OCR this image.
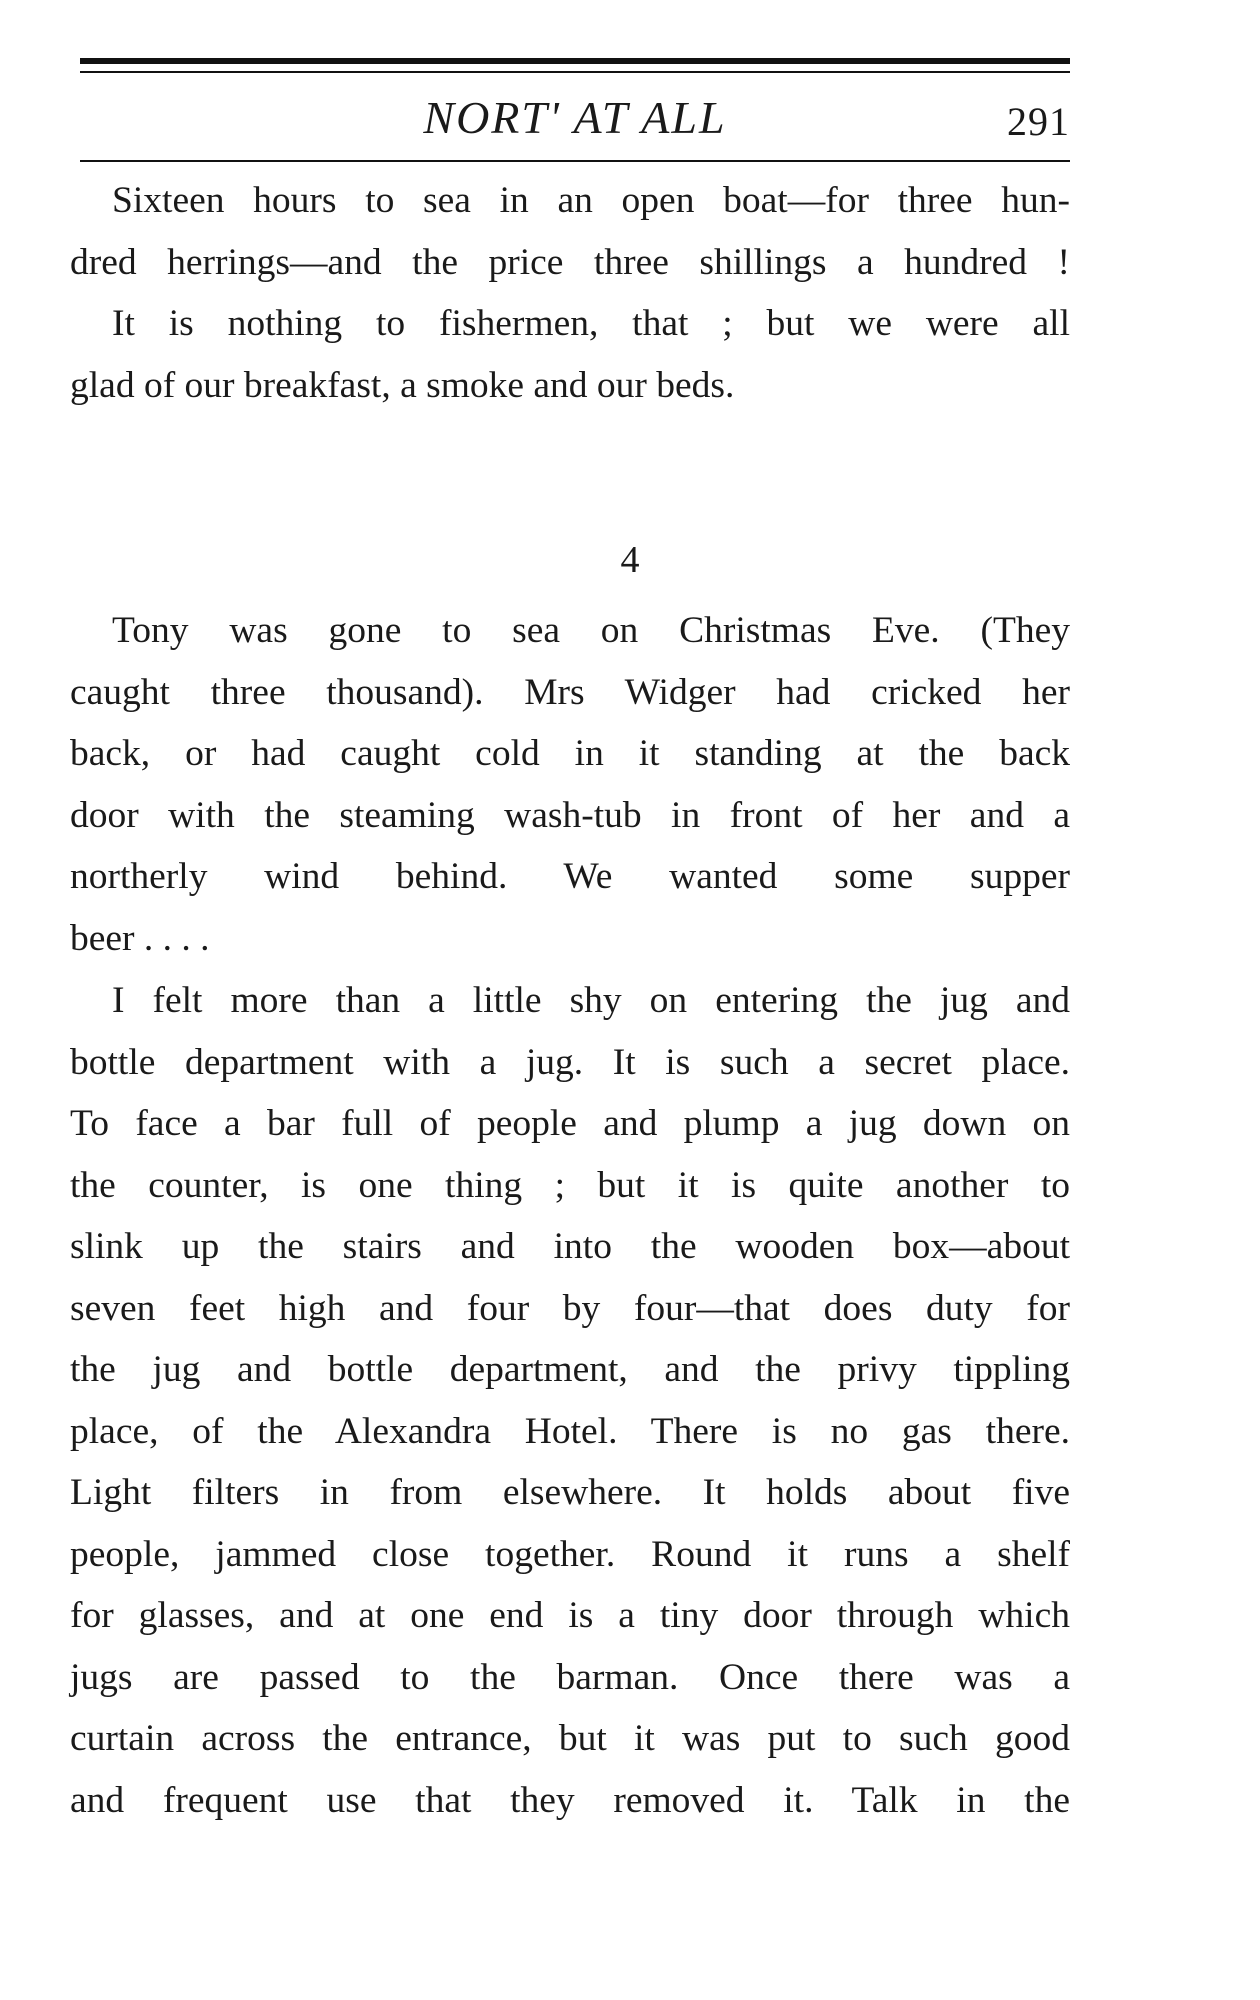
NORT' AT ALL	291
Sixteen hours to sea in an open boat—for three hun-
dred herrings—and the price three shillings a hundred !
It is nothing to fishermen, that ; but we were all
glad of our breakfast, a smoke and our beds.
4
Tony was gone to sea on Christmas Eve. (They
caught three thousand). Mrs Widger had cricked her
back, or had caught cold in it standing at the back
door with the steaming wash-tub in front of her and a
northerly wind behind. We wanted some supper
beer . . . .
I felt more than a little shy on entering the jug and
bottle department with a jug. It is such a secret place.
To face a bar full of people and plump a jug down on
the counter, is one thing ; but it is quite another to
slink up the stairs and into the wooden box—about
seven feet high and four by four—that does duty for
the jug and bottle department, and the privy tippling
place, of the Alexandra Hotel. There is no gas there.
Light filters in from elsewhere. It holds about five
people, jammed close together. Round it runs a shelf
for glasses, and at one end is a tiny door through which
jugs are passed to the barman. Once there was a
curtain across the entrance, but it was put to such good
and frequent use that they removed it. Talk in the
